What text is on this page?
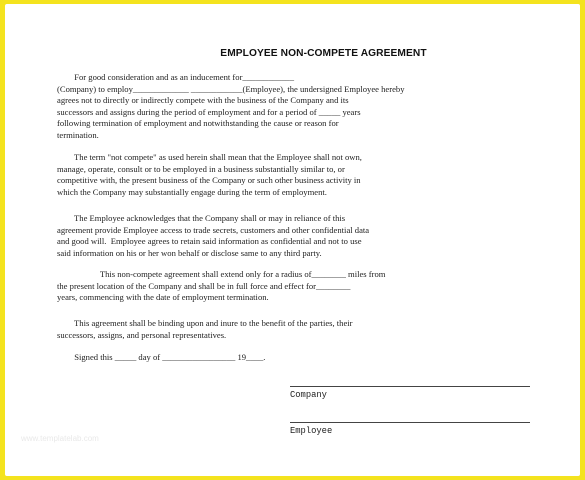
EMPLOYEE NON-COMPETE AGREEMENT
For good consideration and as an inducement for____________
(Company) to employ_____________ ____________(Employee), the undersigned Employee hereby
agrees not to directly or indirectly compete with the business of the Company and its
successors and assigns during the period of employment and for a period of _____ years
following termination of employment and notwithstanding the cause or reason for
termination.
The term "not compete" as used herein shall mean that the Employee shall not own,
manage, operate, consult or to be employed in a business substantially similar to, or
competitive with, the present business of the Company or such other business activity in
which the Company may substantially engage during the term of employment.
The Employee acknowledges that the Company shall or may in reliance of this
agreement provide Employee access to trade secrets, customers and other confidential data
and good will.  Employee agrees to retain said information as confidential and not to use
said information on his or her won behalf or disclose same to any third party.
This non-compete agreement shall extend only for a radius of________ miles from
the present location of the Company and shall be in full force and effect for________
years, commencing with the date of employment termination.
This agreement shall be binding upon and inure to the benefit of the parties, their
successors, assigns, and personal representatives.
Signed this _____ day of _________________ 19____.
Company
Employee
www.templatelab.com
